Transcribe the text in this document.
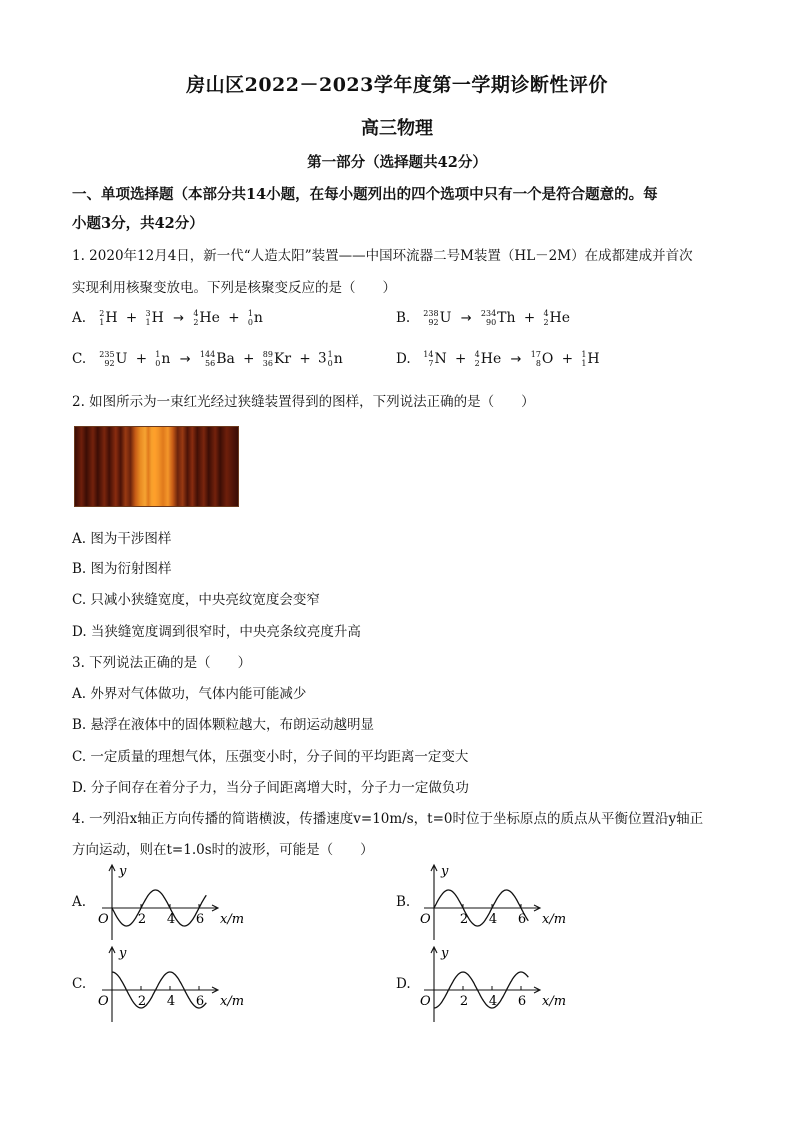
房山区2022－2023学年度第一学期诊断性评价
高三物理
第一部分（选择题共42分）
一、单项选择题（本部分共14小题，在每小题列出的四个选项中只有一个是符合题意的。每
小题3分，共42分）
1. 2020年12月4日，新一代“人造太阳”装置——中国环流器二号M装置（HL－2M）在成都建成并首次
实现利用核聚变放电。下列是核聚变反应的是（　　）
A. 2
1 H + 3
1 H → 4
2 He + 1
0 n	B. 238
92 U → 234
90 Th + 4
2 He
C. 235
92 U + 1
0 n → 144
56 Ba + 89
36 Kr + 3 1
0 n	D. 14
7 N + 4
2 He → 17
8 O + 1
1 H
2. 如图所示为一束红光经过狭缝装置得到的图样，下列说法正确的是（　　）
A. 图为干涉图样
B. 图为衍射图样
C. 只减小狭缝宽度，中央亮纹宽度会变窄
D. 当狭缝宽度调到很窄时，中央亮条纹亮度升高
3. 下列说法正确的是（　　）
A. 外界对气体做功，气体内能可能减少
B. 悬浮在液体中的固体颗粒越大，布朗运动越明显
C. 一定质量的理想气体，压强变小时，分子间的平均距离一定变大
D. 分子间存在着分子力，当分子间距离增大时，分子力一定做负功
4. 一列沿x轴正方向传播的简谐横波，传播速度v=10m/s，t=0时位于坐标原点的质点从平衡位置沿y轴正
方向运动，则在t=1.0s时的波形，可能是（　　）
A.
2 4 6
y
x/m
O
B.
2 4 6
y
x/m
O
C.
2 4 6
y
x/m
O
D.
2 4 6
y
x/m
O
